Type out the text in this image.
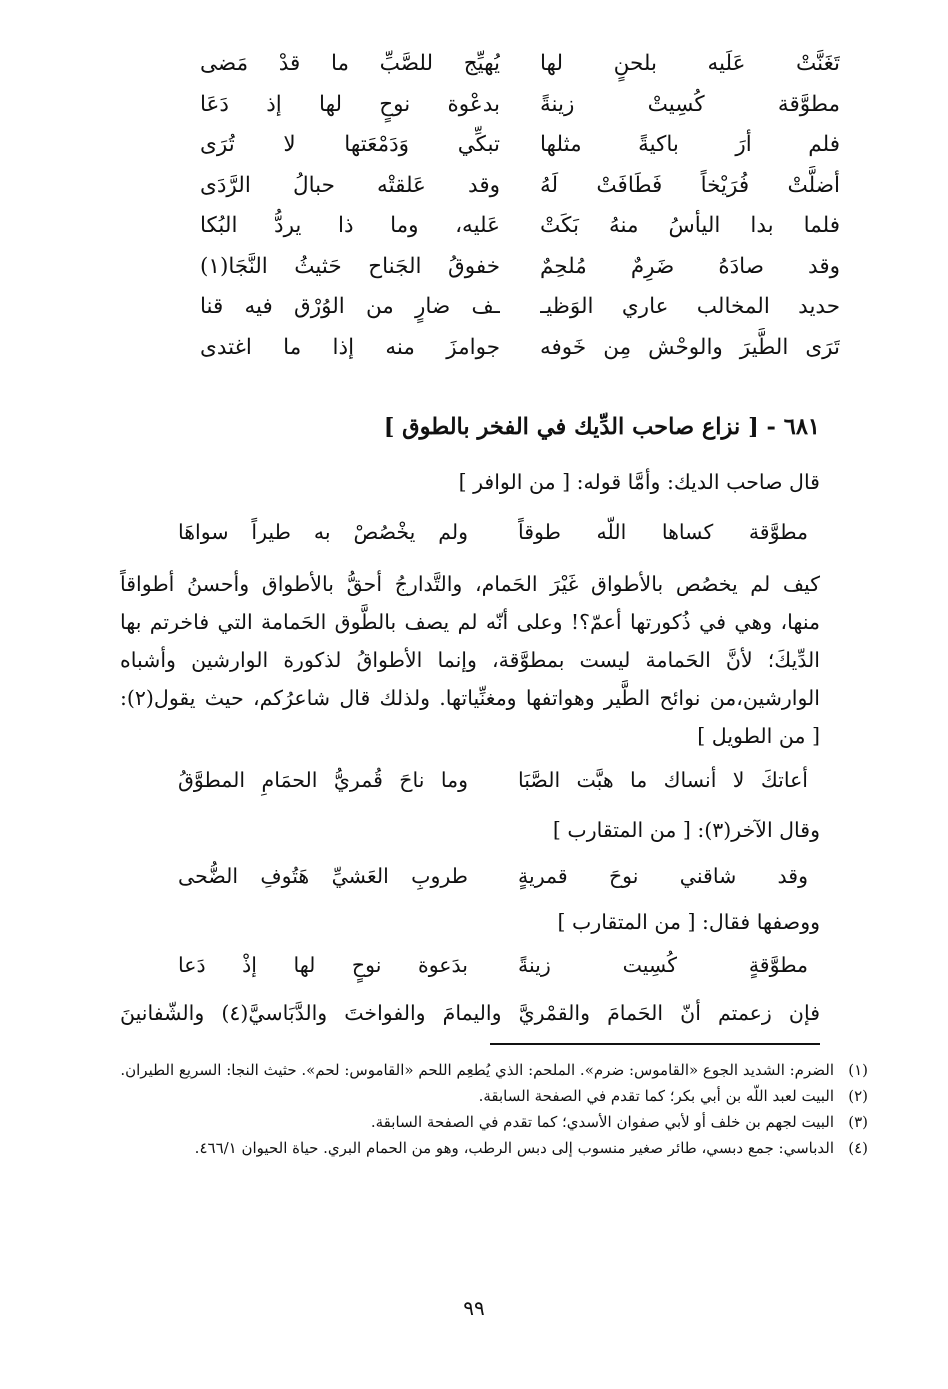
تَغَنَّتْ عَلَيه بلحنٍ لها
يُهيِّج للصَّبِّ ما قدْ مَضى
مطوَّقة كُسِيتْ زينةً
بدعْوة نوحٍ لها إذ دَعَا
فلم أرَ باكيةً مثلها
تبكِّي وَدَمْعَتها لا تُرَى
أضلَّتْ فُرَيْخاً فَطَافَتْ لَهُ
وقد عَلقتْه حبالُ الرَّدَى
فلما بدا اليأسُ منهُ بَكَتْ
عَليه، وما ذا يردُّ البُكا
وقد صادَهُ ضَرِمٌ مُلحِمٌ
خفوقُ الجَناح حَثيثُ النَّجَا(١)
حديد المخالب عاري الوَظيـ
ـف ضارٍ من الوُرْق فيه قنا
تَرَى الطَّيرَ والوحْش مِن خَوفه
جوامزَ منه إذا ما اغتدى
٦٨١ - [ نزاع صاحب الدِّيك في الفخر بالطوق ]
قال صاحب الديك: وأمَّا قوله: [ من الوافر ]
مطوَّقة كساها اللّه طوقاً
ولم يخْصُصْ به طيراً سواهَا
كيف لم يخصُص بالأطواق غَيْرَ الحَمام، والتَّدارجُ أحقُّ بالأطواق وأحسنُ أطواقاً
منها، وهي في ذُكورتها أعمّ؟! وعلى أنّه لم يصف بالطَّوق الحَمامة التي فاخرتم بها
الدِّيكَ؛ لأنَّ الحَمامة ليست بمطوَّقة، وإنما الأطواقُ لذكورة الوارشين وأشباه
الوارشين،من نوائح الطَّير وهواتفها ومغنِّياتها. ولذلك قال شاعرُكم، حيث يقول(٢):
[ من الطويل ]
أعاتكَ لا أنساك ما هبَّت الصَّبَا
وما ناحَ قُمريُّ الحمَامِ المطوَّقُ
وقال الآخر(٣): [ من المتقارب ]
وقد شاقني نوحَ قمريةٍ
طروبِ العَشيِّ هَتُوفِ الضُّحى
ووصفها فقال: [ من المتقارب ]
مطوَّقةٍ كُسِيت زينةً
بدَعوة نوحٍ لها إذْ دَعا
فإن زعمتم أنّ الحَمامَ والقمْريَّ واليمامَ والفواختَ والدَّبَاسيَّ(٤) والشّفانينَ
(١)
الضرم: الشديد الجوع «القاموس: ضرم». الملحم: الذي يُطعِم اللحم «القاموس: لحم». حثيث النجا: السريع الطيران.
(٢)
البيت لعبد اللّه بن أبي بكر؛ كما تقدم في الصفحة السابقة.
(٣)
البيت لجهم بن خلف أو لأبي صفوان الأسدي؛ كما تقدم في الصفحة السابقة.
(٤)
الدباسي: جمع دبسي، طائر صغير منسوب إلى دبس الرطب، وهو من الحمام البري. حياة الحيوان ٤٦٦/١.
٩٩
